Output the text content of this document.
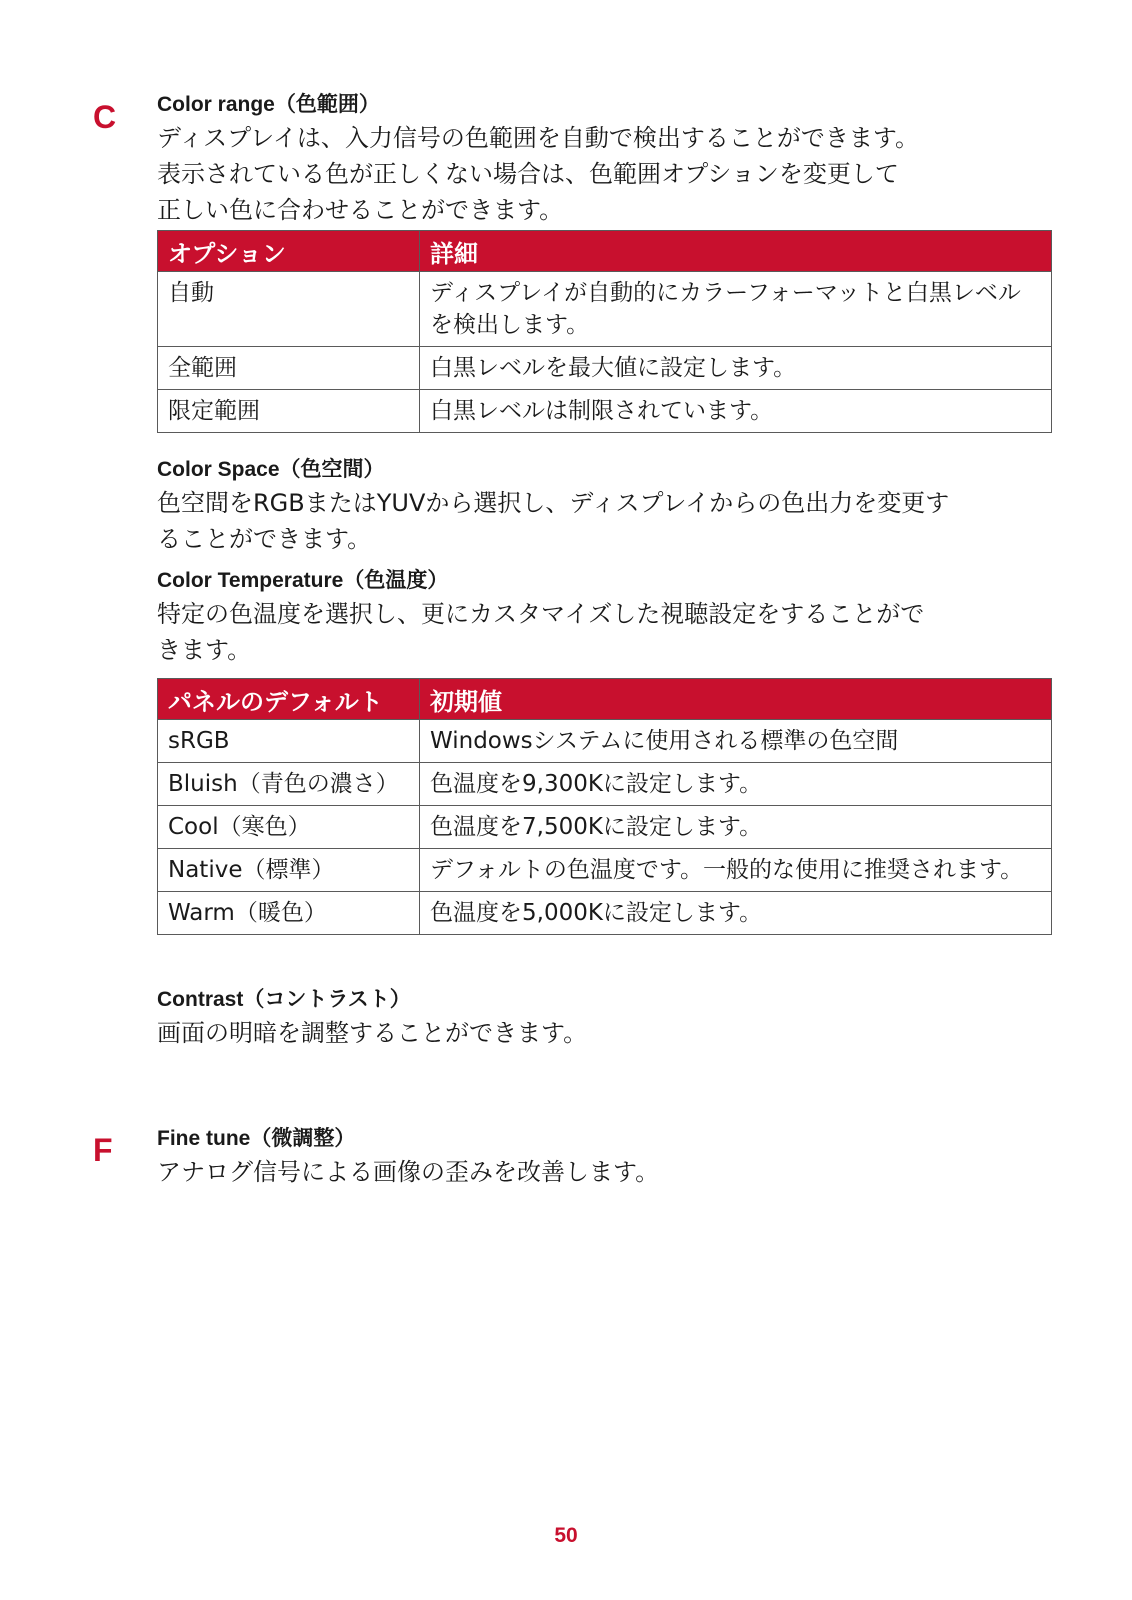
C Color range（色範囲）

ディスプレイは、入力信号の色範囲を自動で検出することができます。

表示されている色が正しくない場合は、色範囲オプションを変更して

正しい色に合わせることができます。

オプション	詳細
自動	ディスプレイが自動的にカラーフォーマットと白黒レベルを検出します。
全範囲	白黒レベルを最大値に設定します。
限定範囲	白黒レベルは制限されています。
Color Space（色空間）

色空間をRGBまたはYUVから選択し、ディスプレイからの色出力を変更す

ることができます。

Color Temperature（色温度）

特定の色温度を選択し、更にカスタマイズした視聴設定をすることがで

きます。

パネルのデフォルト	初期値
sRGB	Windowsシステムに使用される標準の色空間
Bluish（青色の濃さ）	色温度を9,300Kに設定します。
Cool（寒色）	色温度を7,500Kに設定します。
Native（標準）	デフォルトの色温度です。一般的な使用に推奨されます。
Warm（暖色）	色温度を5,000Kに設定します。
Contrast（コントラスト）

画面の明暗を調整することができます。

F Fine tune（微調整）

アナログ信号による画像の歪みを改善します。

50
